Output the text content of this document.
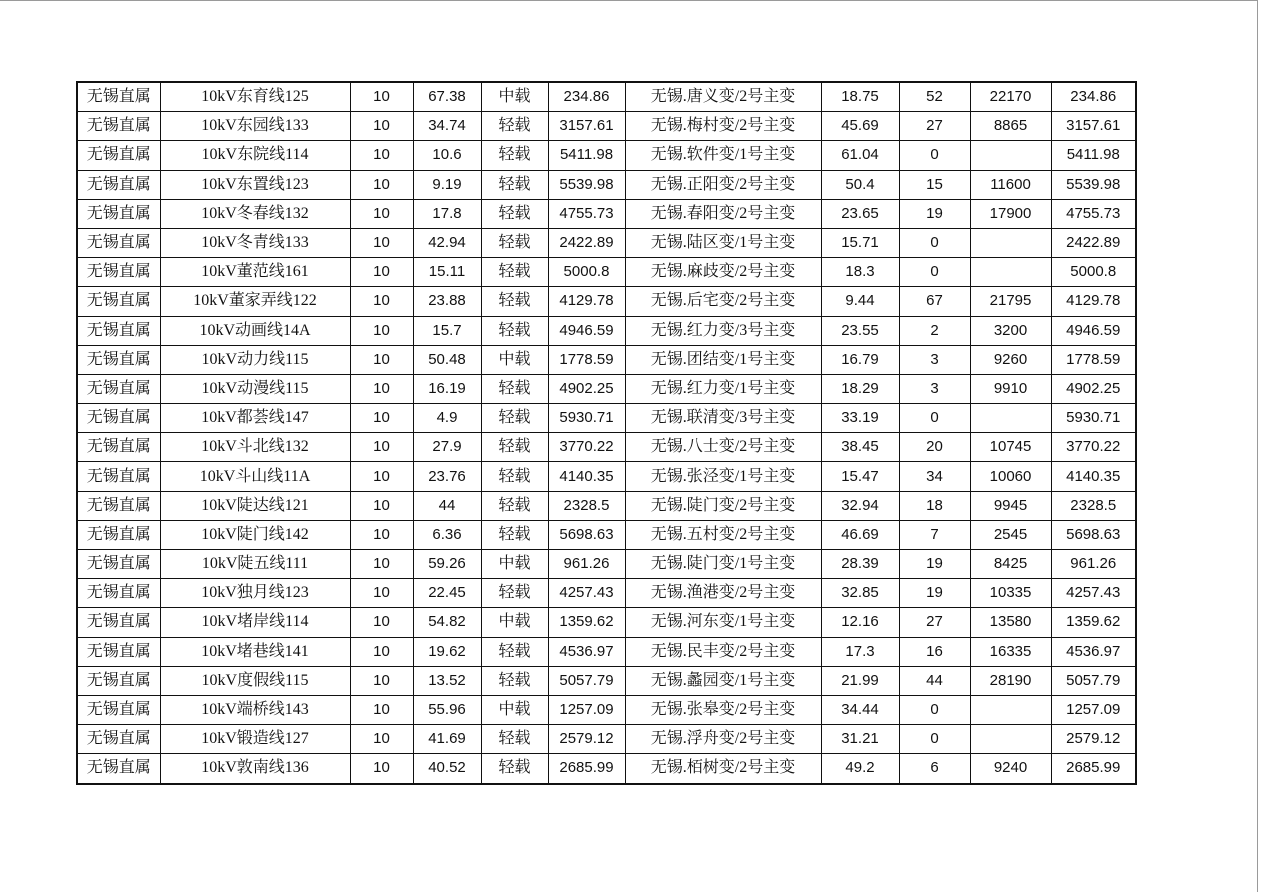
无锡直属	10kV东育线125	10	67.38	中载	234.86	无锡.唐义变/2号主变	18.75	52	22170	234.86
无锡直属	10kV东园线133	10	34.74	轻载	3157.61	无锡.梅村变/2号主变	45.69	27	8865	3157.61
无锡直属	10kV东院线114	10	10.6	轻载	5411.98	无锡.软件变/1号主变	61.04	0		5411.98
无锡直属	10kV东置线123	10	9.19	轻载	5539.98	无锡.正阳变/2号主变	50.4	15	11600	5539.98
无锡直属	10kV冬春线132	10	17.8	轻载	4755.73	无锡.春阳变/2号主变	23.65	19	17900	4755.73
无锡直属	10kV冬青线133	10	42.94	轻载	2422.89	无锡.陆区变/1号主变	15.71	0		2422.89
无锡直属	10kV董范线161	10	15.11	轻载	5000.8	无锡.麻歧变/2号主变	18.3	0		5000.8
无锡直属	10kV董家弄线122	10	23.88	轻载	4129.78	无锡.后宅变/2号主变	9.44	67	21795	4129.78
无锡直属	10kV动画线14A	10	15.7	轻载	4946.59	无锡.红力变/3号主变	23.55	2	3200	4946.59
无锡直属	10kV动力线115	10	50.48	中载	1778.59	无锡.团结变/1号主变	16.79	3	9260	1778.59
无锡直属	10kV动漫线115	10	16.19	轻载	4902.25	无锡.红力变/1号主变	18.29	3	9910	4902.25
无锡直属	10kV都荟线147	10	4.9	轻载	5930.71	无锡.联清变/3号主变	33.19	0		5930.71
无锡直属	10kV斗北线132	10	27.9	轻载	3770.22	无锡.八士变/2号主变	38.45	20	10745	3770.22
无锡直属	10kV斗山线11A	10	23.76	轻载	4140.35	无锡.张泾变/1号主变	15.47	34	10060	4140.35
无锡直属	10kV陡达线121	10	44	轻载	2328.5	无锡.陡门变/2号主变	32.94	18	9945	2328.5
无锡直属	10kV陡门线142	10	6.36	轻载	5698.63	无锡.五村变/2号主变	46.69	7	2545	5698.63
无锡直属	10kV陡五线111	10	59.26	中载	961.26	无锡.陡门变/1号主变	28.39	19	8425	961.26
无锡直属	10kV独月线123	10	22.45	轻载	4257.43	无锡.渔港变/2号主变	32.85	19	10335	4257.43
无锡直属	10kV堵岸线114	10	54.82	中载	1359.62	无锡.河东变/1号主变	12.16	27	13580	1359.62
无锡直属	10kV堵巷线141	10	19.62	轻载	4536.97	无锡.民丰变/2号主变	17.3	16	16335	4536.97
无锡直属	10kV度假线115	10	13.52	轻载	5057.79	无锡.蠡园变/1号主变	21.99	44	28190	5057.79
无锡直属	10kV端桥线143	10	55.96	中载	1257.09	无锡.张皋变/2号主变	34.44	0		1257.09
无锡直属	10kV锻造线127	10	41.69	轻载	2579.12	无锡.浮舟变/2号主变	31.21	0		2579.12
无锡直属	10kV敦南线136	10	40.52	轻载	2685.99	无锡.栢树变/2号主变	49.2	6	9240	2685.99
